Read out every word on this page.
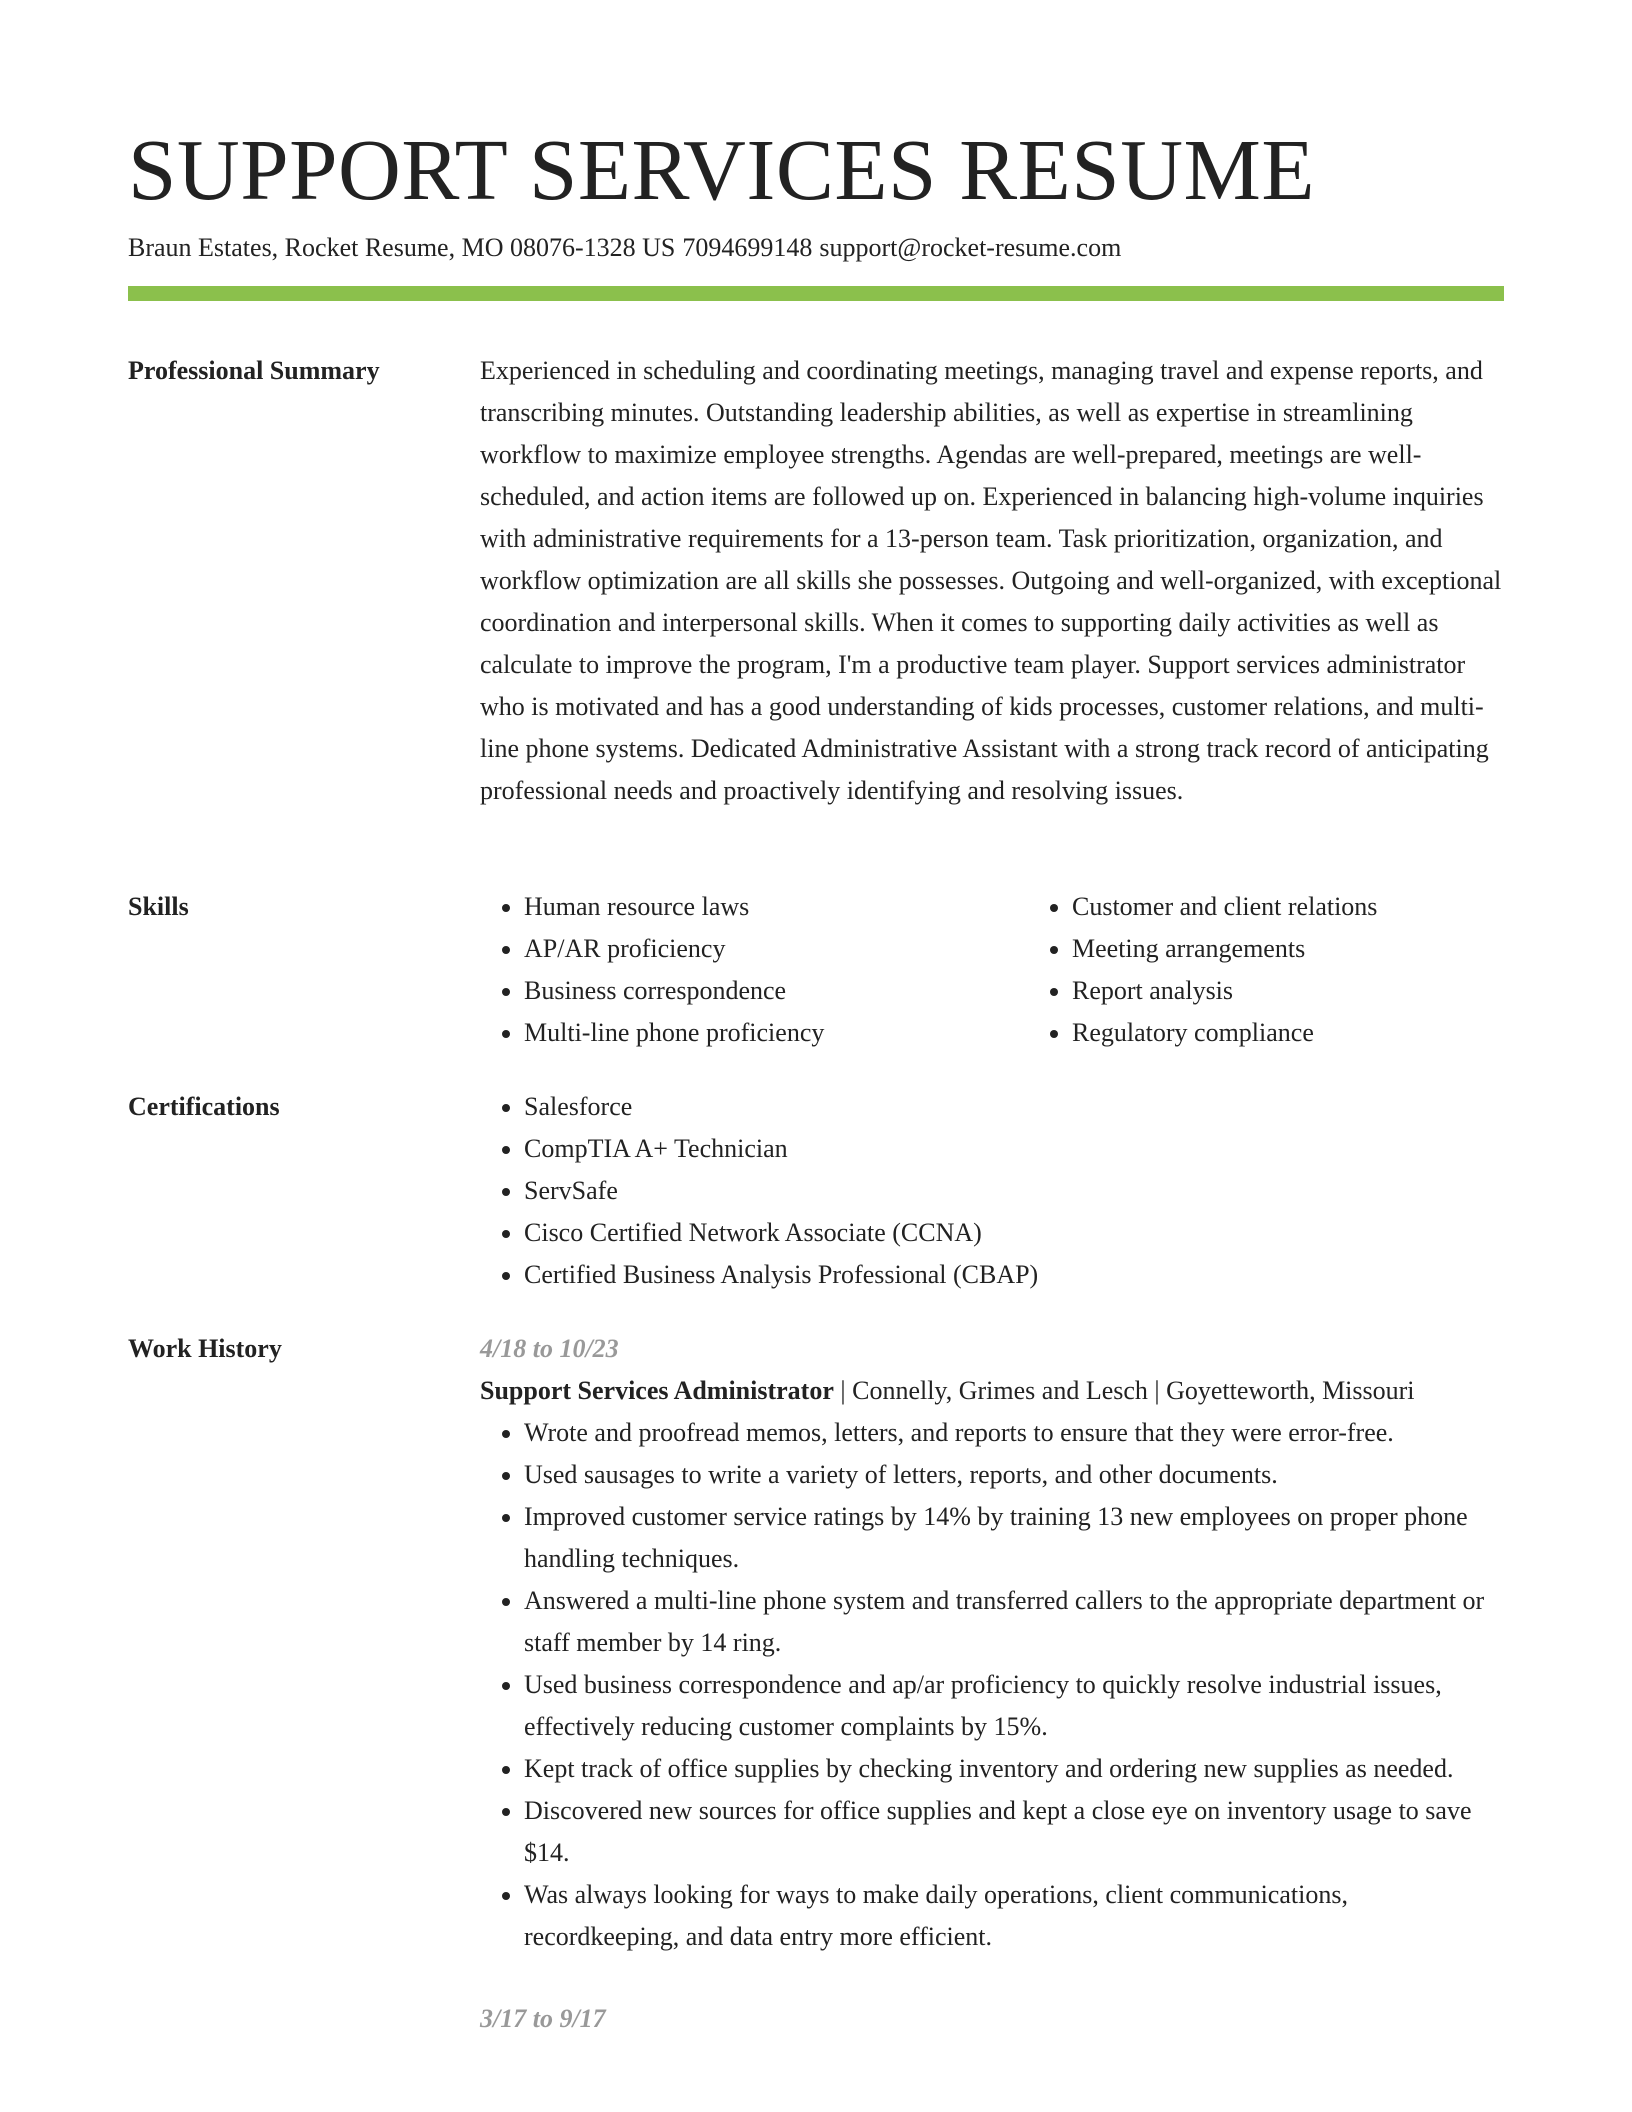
SUPPORT SERVICES RESUME
Braun Estates, Rocket Resume, MO 08076-1328 US 7094699148 support@rocket-resume.com
Professional Summary	Experienced in scheduling and coordinating meetings, managing travel and expense reports, and transcribing minutes. Outstanding leadership abilities, as well as expertise in streamlining workflow to maximize employee strengths. Agendas are well-prepared, meetings are well-scheduled, and action items are followed up on. Experienced in balancing high-volume inquiries with administrative requirements for a 13-person team. Task prioritization, organization, and workflow optimization are all skills she possesses. Outgoing and well-organized, with exceptional coordination and interpersonal skills. When it comes to supporting daily activities as well as calculate to improve the program, I'm a productive team player. Support services administrator who is motivated and has a good understanding of kids processes, customer relations, and multi-line phone systems. Dedicated Administrative Assistant with a strong track record of anticipating professional needs and proactively identifying and resolving issues.

Skills	• Human resource laws
• AP/AR proficiency
• Business correspondence
• Multi-line phone proficiency
• Customer and client relations
• Meeting arrangements
• Report analysis
• Regulatory compliance
Certifications	• Salesforce
• CompTIA A+ Technician
• ServSafe
• Cisco Certified Network Associate (CCNA)
• Certified Business Analysis Professional (CBAP)
Work History	4/18 to 10/23
Support Services Administrator | Connelly, Grimes and Lesch | Goyetteworth, Missouri
• Wrote and proofread memos, letters, and reports to ensure that they were error-free.
• Used sausages to write a variety of letters, reports, and other documents.
• Improved customer service ratings by 14% by training 13 new employees on proper phone handling techniques.
• Answered a multi-line phone system and transferred callers to the appropriate department or staff member by 14 ring.
• Used business correspondence and ap/ar proficiency to quickly resolve industrial issues, effectively reducing customer complaints by 15%.
• Kept track of office supplies by checking inventory and ordering new supplies as needed.
• Discovered new sources for office supplies and kept a close eye on inventory usage to save $14.
• Was always looking for ways to make daily operations, client communications, recordkeeping, and data entry more efficient.
3/17 to 9/17
